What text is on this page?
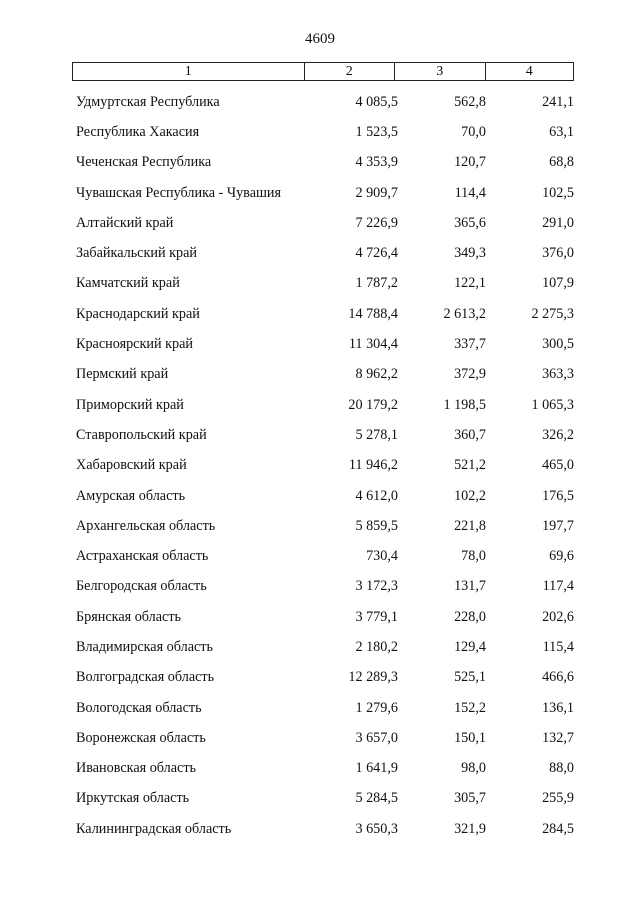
4609
1	2	3	4
Удмуртская Республика	4 085,5	562,8	241,1
Республика Хакасия	1 523,5	70,0	63,1
Чеченская Республика	4 353,9	120,7	68,8
Чувашская Республика - Чувашия	2 909,7	114,4	102,5
Алтайский край	7 226,9	365,6	291,0
Забайкальский край	4 726,4	349,3	376,0
Камчатский край	1 787,2	122,1	107,9
Краснодарский край	14 788,4	2 613,2	2 275,3
Красноярский край	11 304,4	337,7	300,5
Пермский край	8 962,2	372,9	363,3
Приморский край	20 179,2	1 198,5	1 065,3
Ставропольский край	5 278,1	360,7	326,2
Хабаровский край	11 946,2	521,2	465,0
Амурская область	4 612,0	102,2	176,5
Архангельская область	5 859,5	221,8	197,7
Астраханская область	730,4	78,0	69,6
Белгородская область	3 172,3	131,7	117,4
Брянская область	3 779,1	228,0	202,6
Владимирская область	2 180,2	129,4	115,4
Волгоградская область	12 289,3	525,1	466,6
Вологодская область	1 279,6	152,2	136,1
Воронежская область	3 657,0	150,1	132,7
Ивановская область	1 641,9	98,0	88,0
Иркутская область	5 284,5	305,7	255,9
Калининградская область	3 650,3	321,9	284,5
